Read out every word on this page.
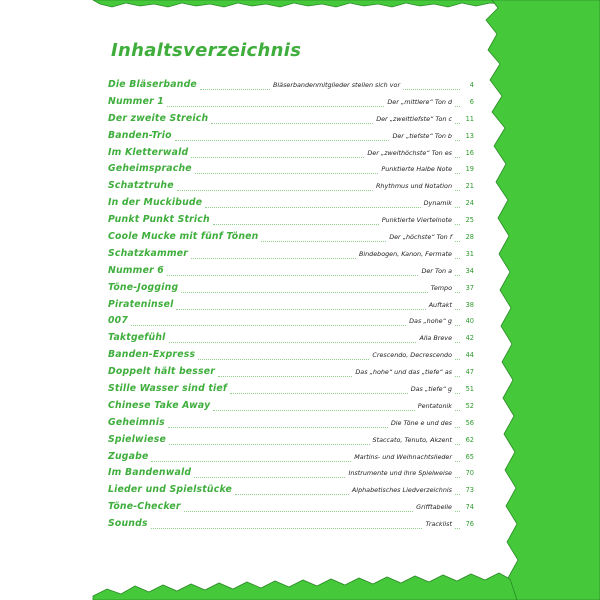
Inhaltsverzeichnis
Die Bläserbande	Bläserbandenmitglieder stellen sich vor	4
Nummer 1	Der „mittlere“ Ton d	6
Der zweite Streich	Der „zweittiefste“ Ton c 11
Banden-Trio	Der „tiefste“ Ton b 13
Im Kletterwald	Der „zweithöchste“ Ton es 16
Geheimsprache	Punktierte Halbe Note 19
Schatztruhe	Rhythmus und Notation 21
In der Muckibude	Dynamik 24
Punkt Punkt Strich	Punktierte Viertelnote 25
Coole Mucke mit fünf Tönen	Der „höchste“ Ton f 28
Schatzkammer	Bindebogen, Kanon, Fermate 31
Nummer 6	Der Ton a 34
Töne-Jogging	Tempo 37
Pirateninsel	Auftakt 38
007	Das „hohe“ g 40
Taktgefühl	Alla Breve 42
Banden-Express	Crescendo, Decrescendo 44
Doppelt hält besser	Das „hohe“ und das „tiefe“ as 47
Stille Wasser sind tief	Das „tiefe“ g 51
Chinese Take Away	Pentatonik 52
Geheimnis	Die Töne e und des 56
Spielwiese	Staccato, Tenuto, Akzent 62
Zugabe	Martins- und Weihnachtslieder 65
Im Bandenwald	Instrumente und ihre Spielweise 70
Lieder und Spielstücke	Alphabetisches Liedverzeichnis 73
Töne-Checker	Grifftabelle 74
Sounds	Tracklist 76
